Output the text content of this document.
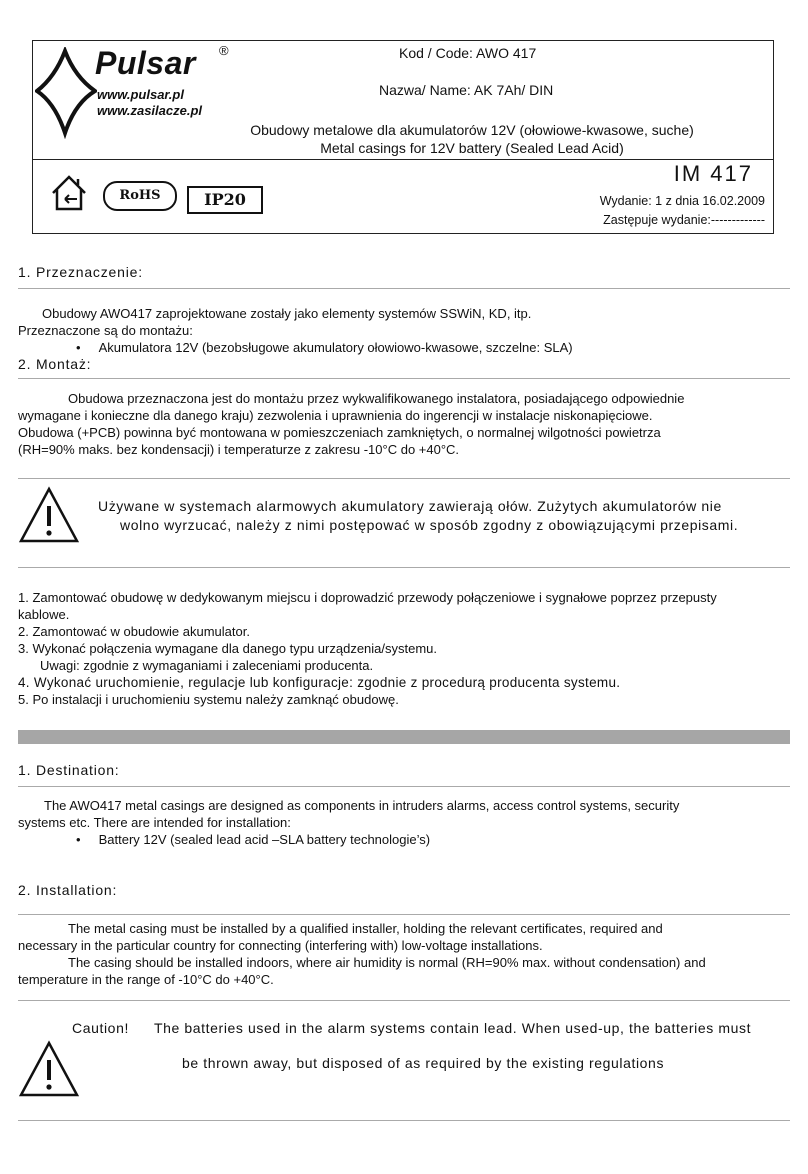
Pulsar ®
www.pulsar.pl
www.zasilacze.pl
Kod / Code: AWO 417
Nazwa/ Name: AK 7Ah/ DIN
Obudowy metalowe dla akumulatorów 12V (ołowiowe-kwasowe, suche)
Metal casings for 12V battery (Sealed Lead Acid)
RoHS	IP20
IM 417
Wydanie: 1 z dnia 16.02.2009
Zastępuje wydanie:-------------
1. Przeznaczenie:
Obudowy AWO417 zaprojektowane zostały jako elementy systemów SSWiN, KD, itp.
Przeznaczone są do montażu:
•     Akumulatora 12V (bezobsługowe akumulatory ołowiowo-kwasowe, szczelne: SLA)
2. Montaż:
Obudowa przeznaczona jest do montażu przez wykwalifikowanego instalatora, posiadającego odpowiednie
wymagane i konieczne dla danego kraju) zezwolenia i uprawnienia do ingerencji w instalacje niskonapięciowe.
Obudowa (+PCB) powinna być montowana w pomieszczeniach zamkniętych, o normalnej wilgotności powietrza
(RH=90% maks. bez kondensacji) i temperaturze z zakresu -10°C do +40°C.
Używane w systemach alarmowych akumulatory zawierają ołów. Zużytych akumulatorów nie
wolno wyrzucać, należy z nimi postępować w sposób zgodny z obowiązującymi przepisami.
1. Zamontować obudowę w dedykowanym miejscu i doprowadzić przewody połączeniowe i sygnałowe poprzez przepusty
kablowe.
2. Zamontować w obudowie akumulator.
3. Wykonać połączenia wymagane dla danego typu urządzenia/systemu.
Uwagi: zgodnie z wymaganiami i zaleceniami producenta.
4. Wykonać uruchomienie, regulacje lub konfiguracje: zgodnie z procedurą producenta systemu.
5. Po instalacji i uruchomieniu systemu należy zamknąć obudowę.
1. Destination:
The AWO417 metal casings are designed as components in intruders alarms, access control systems, security
systems etc. There are intended for installation:
•     Battery 12V (sealed lead acid –SLA battery technologie’s)
2. Installation:
The metal casing must be installed by a qualified installer, holding the relevant certificates, required and
necessary in the particular country for connecting (interfering with) low-voltage installations.
The casing should be installed indoors, where air humidity is normal (RH=90% max. without condensation) and
temperature in the range of -10°C do +40°C.
Caution! The batteries used in the alarm systems contain lead. When used-up, the batteries must
be thrown away, but disposed of as required by the existing regulations
